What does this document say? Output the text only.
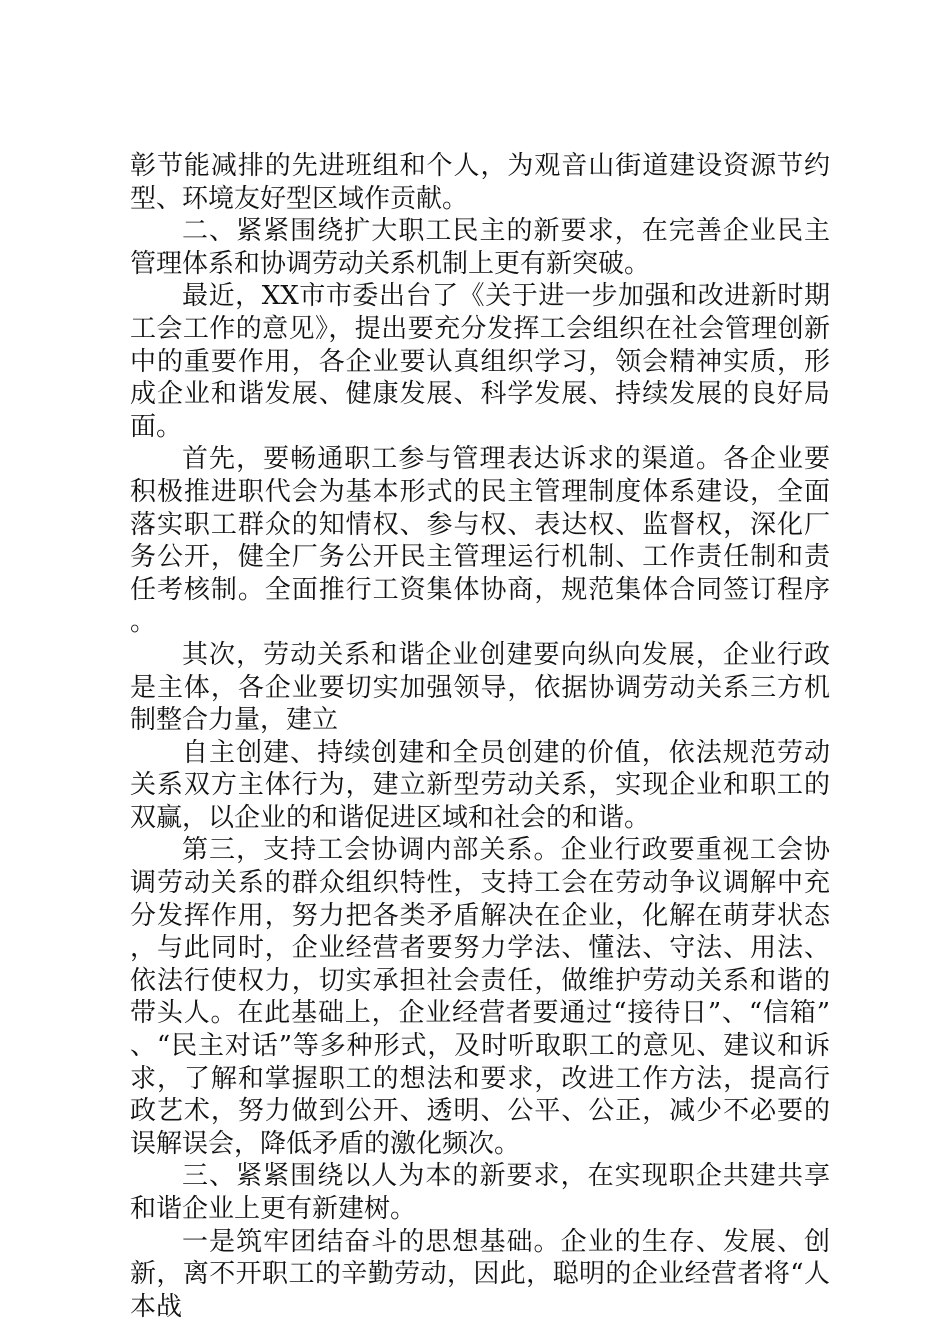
彰节能减排的先进班组和个人，为观音山街道建设资源节约型、环境友好型区域作贡献。

二、紧紧围绕扩大职工民主的新要求，在完善企业民主管理体系和协调劳动关系机制上更有新突破。

最近，XX市市委出台了《关于进一步加强和改进新时期工会工作的意见》，提出要充分发挥工会组织在社会管理创新中的重要作用，各企业要认真组织学习，领会精神实质，形成企业和谐发展、健康发展、科学发展、持续发展的良好局面。

首先，要畅通职工参与管理表达诉求的渠道。各企业要积极推进职代会为基本形式的民主管理制度体系建设，全面落实职工群众的知情权、参与权、表达权、监督权，深化厂务公开，健全厂务公开民主管理运行机制、工作责任制和责任考核制。全面推行工资集体协商，规范集体合同签订程序。

其次，劳动关系和谐企业创建要向纵向发展，企业行政是主体，各企业要切实加强领导，依据协调劳动关系三方机制整合力量，建立

自主创建、持续创建和全员创建的价值，依法规范劳动关系双方主体行为，建立新型劳动关系，实现企业和职工的双赢，以企业的和谐促进区域和社会的和谐。

第三，支持工会协调内部关系。企业行政要重视工会协调劳动关系的群众组织特性，支持工会在劳动争议调解中充分发挥作用，努力把各类矛盾解决在企业，化解在萌芽状态，与此同时，企业经营者要努力学法、懂法、守法、用法、依法行使权力，切实承担社会责任，做维护劳动关系和谐的带头人。在此基础上，企业经营者要通过“接待日”、“信箱”、“民主对话”等多种形式，及时听取职工的意见、建议和诉求，了解和掌握职工的想法和要求，改进工作方法，提高行政艺术，努力做到公开、透明、公平、公正，减少不必要的误解误会，降低矛盾的激化频次。

三、紧紧围绕以人为本的新要求，在实现职企共建共享和谐企业上更有新建树。

一是筑牢团结奋斗的思想基础。企业的生存、发展、创新，离不开职工的辛勤劳动，因此，聪明的企业经营者将“人本战
